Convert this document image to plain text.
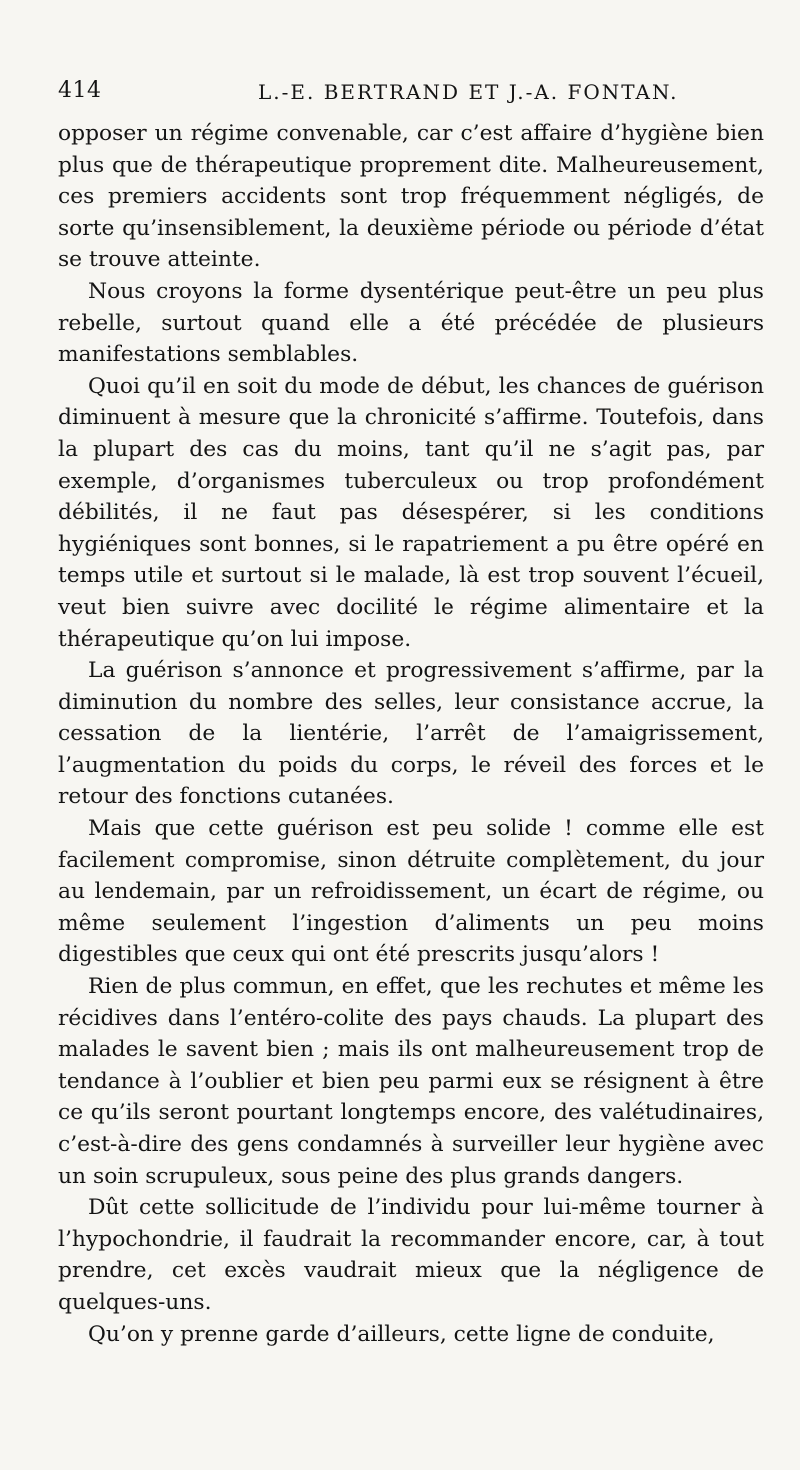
414	L.-E. BERTRAND ET J.-A. FONTAN.

opposer un régime convenable, car c’est affaire d’hygiène bien plus que de thérapeutique proprement dite. Malheureusement, ces premiers accidents sont trop fréquemment négligés, de sorte qu’insensiblement, la deuxième période ou période d’état se trouve atteinte.

Nous croyons la forme dysentérique peut-être un peu plus rebelle, surtout quand elle a été précédée de plusieurs manifestations semblables.

Quoi qu’il en soit du mode de début, les chances de guérison diminuent à mesure que la chronicité s’affirme. Toutefois, dans la plupart des cas du moins, tant qu’il ne s’agit pas, par exemple, d’organismes tuberculeux ou trop profondément débilités, il ne faut pas désespérer, si les conditions hygiéniques sont bonnes, si le rapatriement a pu être opéré en temps utile et surtout si le malade, là est trop souvent l’écueil, veut bien suivre avec docilité le régime alimentaire et la thérapeutique qu’on lui impose.

La guérison s’annonce et progressivement s’affirme, par la diminution du nombre des selles, leur consistance accrue, la cessation de la lientérie, l’arrêt de l’amaigrissement, l’augmentation du poids du corps, le réveil des forces et le retour des fonctions cutanées.

Mais que cette guérison est peu solide ! comme elle est facilement compromise, sinon détruite complètement, du jour au lendemain, par un refroidissement, un écart de régime, ou même seulement l’ingestion d’aliments un peu moins digestibles que ceux qui ont été prescrits jusqu’alors !

Rien de plus commun, en effet, que les rechutes et même les récidives dans l’entéro-colite des pays chauds. La plupart des malades le savent bien ; mais ils ont malheureusement trop de tendance à l’oublier et bien peu parmi eux se résignent à être ce qu’ils seront pourtant longtemps encore, des valétudinaires, c’est-à-dire des gens condamnés à surveiller leur hygiène avec un soin scrupuleux, sous peine des plus grands dangers.

Dût cette sollicitude de l’individu pour lui-même tourner à l’hypochondrie, il faudrait la recommander encore, car, à tout prendre, cet excès vaudrait mieux que la négligence de quelques-uns.

Qu’on y prenne garde d’ailleurs, cette ligne de conduite,
